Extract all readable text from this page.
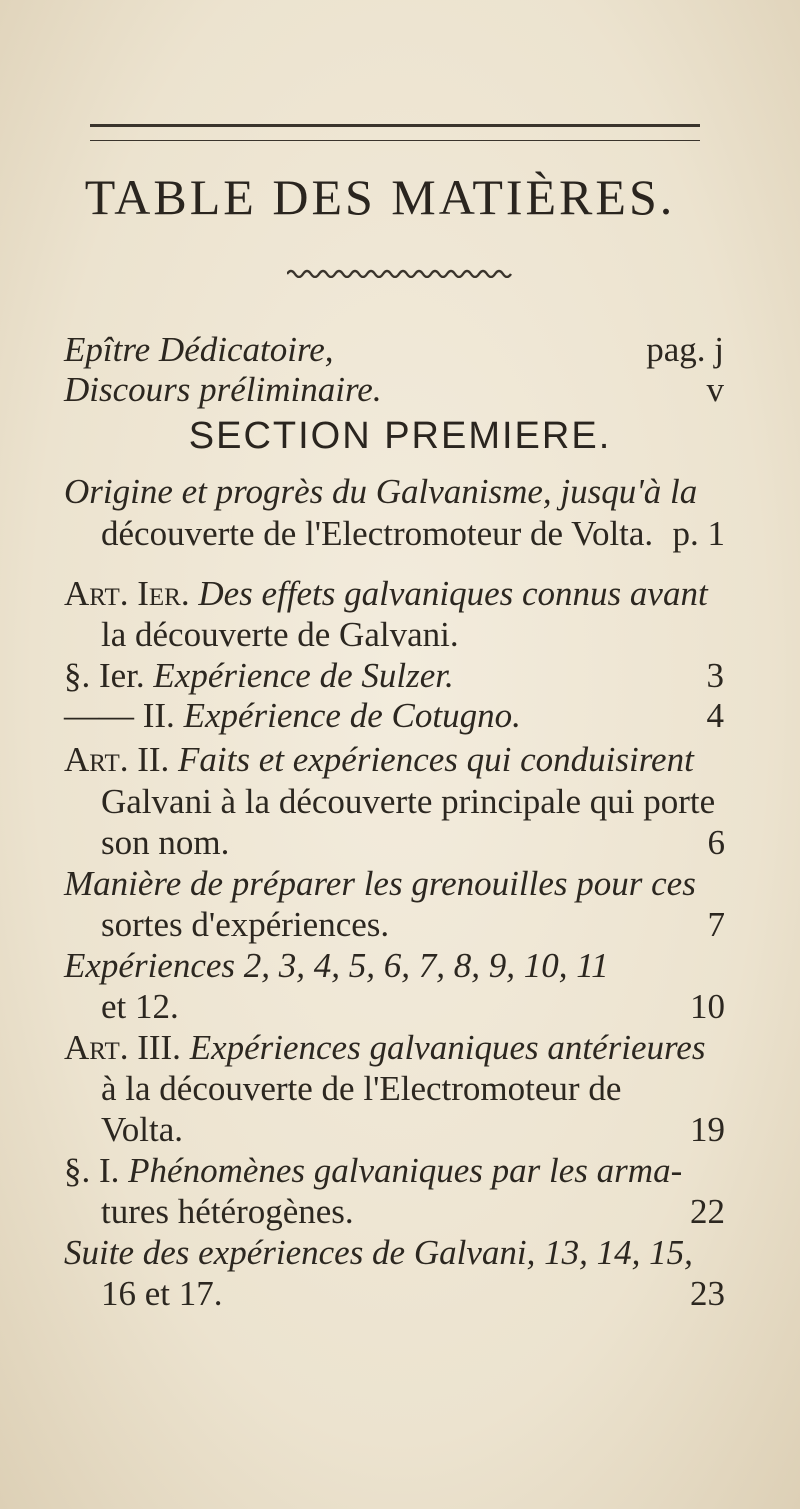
TABLE DES MATIÈRES.
Epître Dédicatoire,	pag. j
Discours préliminaire.	v
SECTION PREMIERE.
Origine et progrès du Galvanisme, jusqu'à la
découverte de l'Electromoteur de Volta. p. 1
Art. Ier. Des effets galvaniques connus avant
la découverte de Galvani.
§. Ier. Expérience de Sulzer.	3
—— II. Expérience de Cotugno.	4
Art. II. Faits et expériences qui conduisirent
Galvani à la découverte principale qui porte
son nom.	6
Manière de préparer les grenouilles pour ces
sortes d'expériences.	7
Expériences 2, 3, 4, 5, 6, 7, 8, 9, 10, 11
et 12.	10
Art. III. Expériences galvaniques antérieures
à la découverte de l'Electromoteur de
Volta.	19
§. I. Phénomènes galvaniques par les arma-
tures hétérogènes.	22
Suite des expériences de Galvani, 13, 14, 15,
16 et 17.	23
